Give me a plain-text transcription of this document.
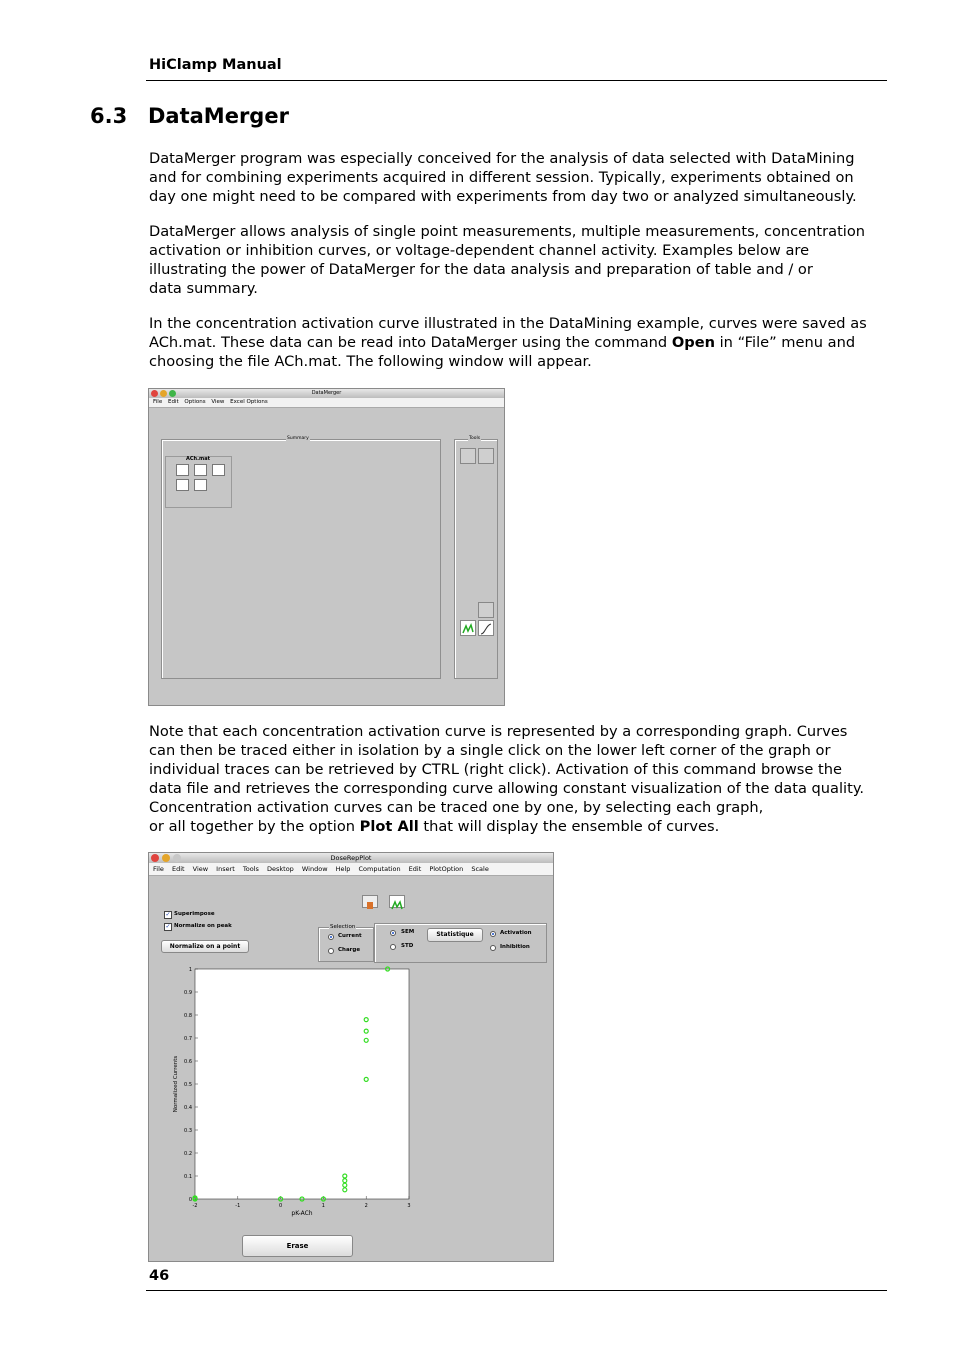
HiClamp Manual
6.3 DataMerger

DataMerger program was especially conceived for the analysis of data selected with DataMining
and for combining experiments acquired in different session. Typically, experiments obtained on
day one might need to be compared with experiments from day two or analyzed simultaneously.

DataMerger allows analysis of single point measurements, multiple measurements, concentration
activation or inhibition curves, or voltage-dependent channel activity. Examples below are
illustrating the power of DataMerger for the data analysis and preparation of table and / or
data summary.

In the concentration activation curve illustrated in the DataMining example, curves were saved as
ACh.mat. These data can be read into DataMerger using the command Open in “File” menu and
choosing the file ACh.mat. The following window will appear.

DataMerger
File Edit Options View Excel Options
Summary
ACh.mat
Tools

Note that each concentration activation curve is represented by a corresponding graph. Curves
can then be traced either in isolation by a single click on the lower left corner of the graph or
individual traces can be retrieved by CTRL (right click). Activation of this command browse the
data file and retrieves the corresponding curve allowing constant visualization of the data quality.
Concentration activation curves can be traced one by one, by selecting each graph,
or all together by the option Plot All that will display the ensemble of curves.

DoseRepPlot
File Edit View Insert Tools Desktop Window Help Computation Edit PlotOption Scale
✓ Superimpose
✓ Normalize on peak
Normalize on a point
Selection
Current
Charge
SEM
STD
Statistique	Activation
Inhibition
-2	-1	0	1	2	3
0
0.1
0.2
0.3
0.4
0.5
0.6
0.7
0.8
0.9
1
pK-ACh
Normalized Currents
Erase
46
